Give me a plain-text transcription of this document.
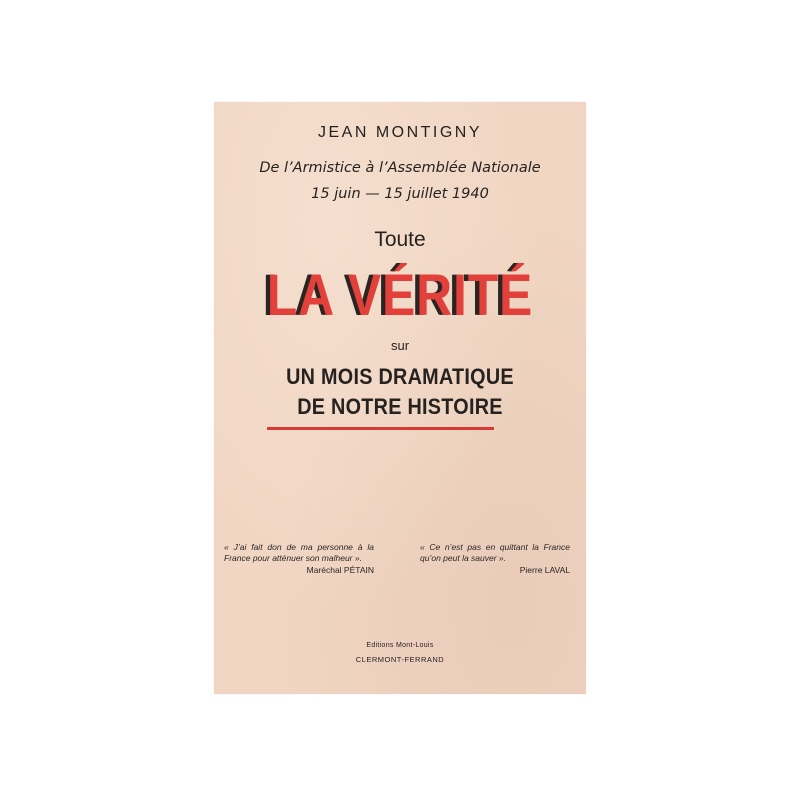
JEAN MONTIGNY

De l’Armistice à l’Assemblée Nationale

15 juin — 15 juillet 1940

Toute

LA VÉRITÉ

sur

UN MOIS DRAMATIQUE

DE NOTRE HISTOIRE

« J’ai fait don de ma personne à la France pour atténuer son malheur ».
Maréchal PÉTAIN
« Ce n’est pas en quittant la France qu’on peut la sauver ».
Pierre LAVAL

Editions Mont-Louis

CLERMONT-FERRAND
